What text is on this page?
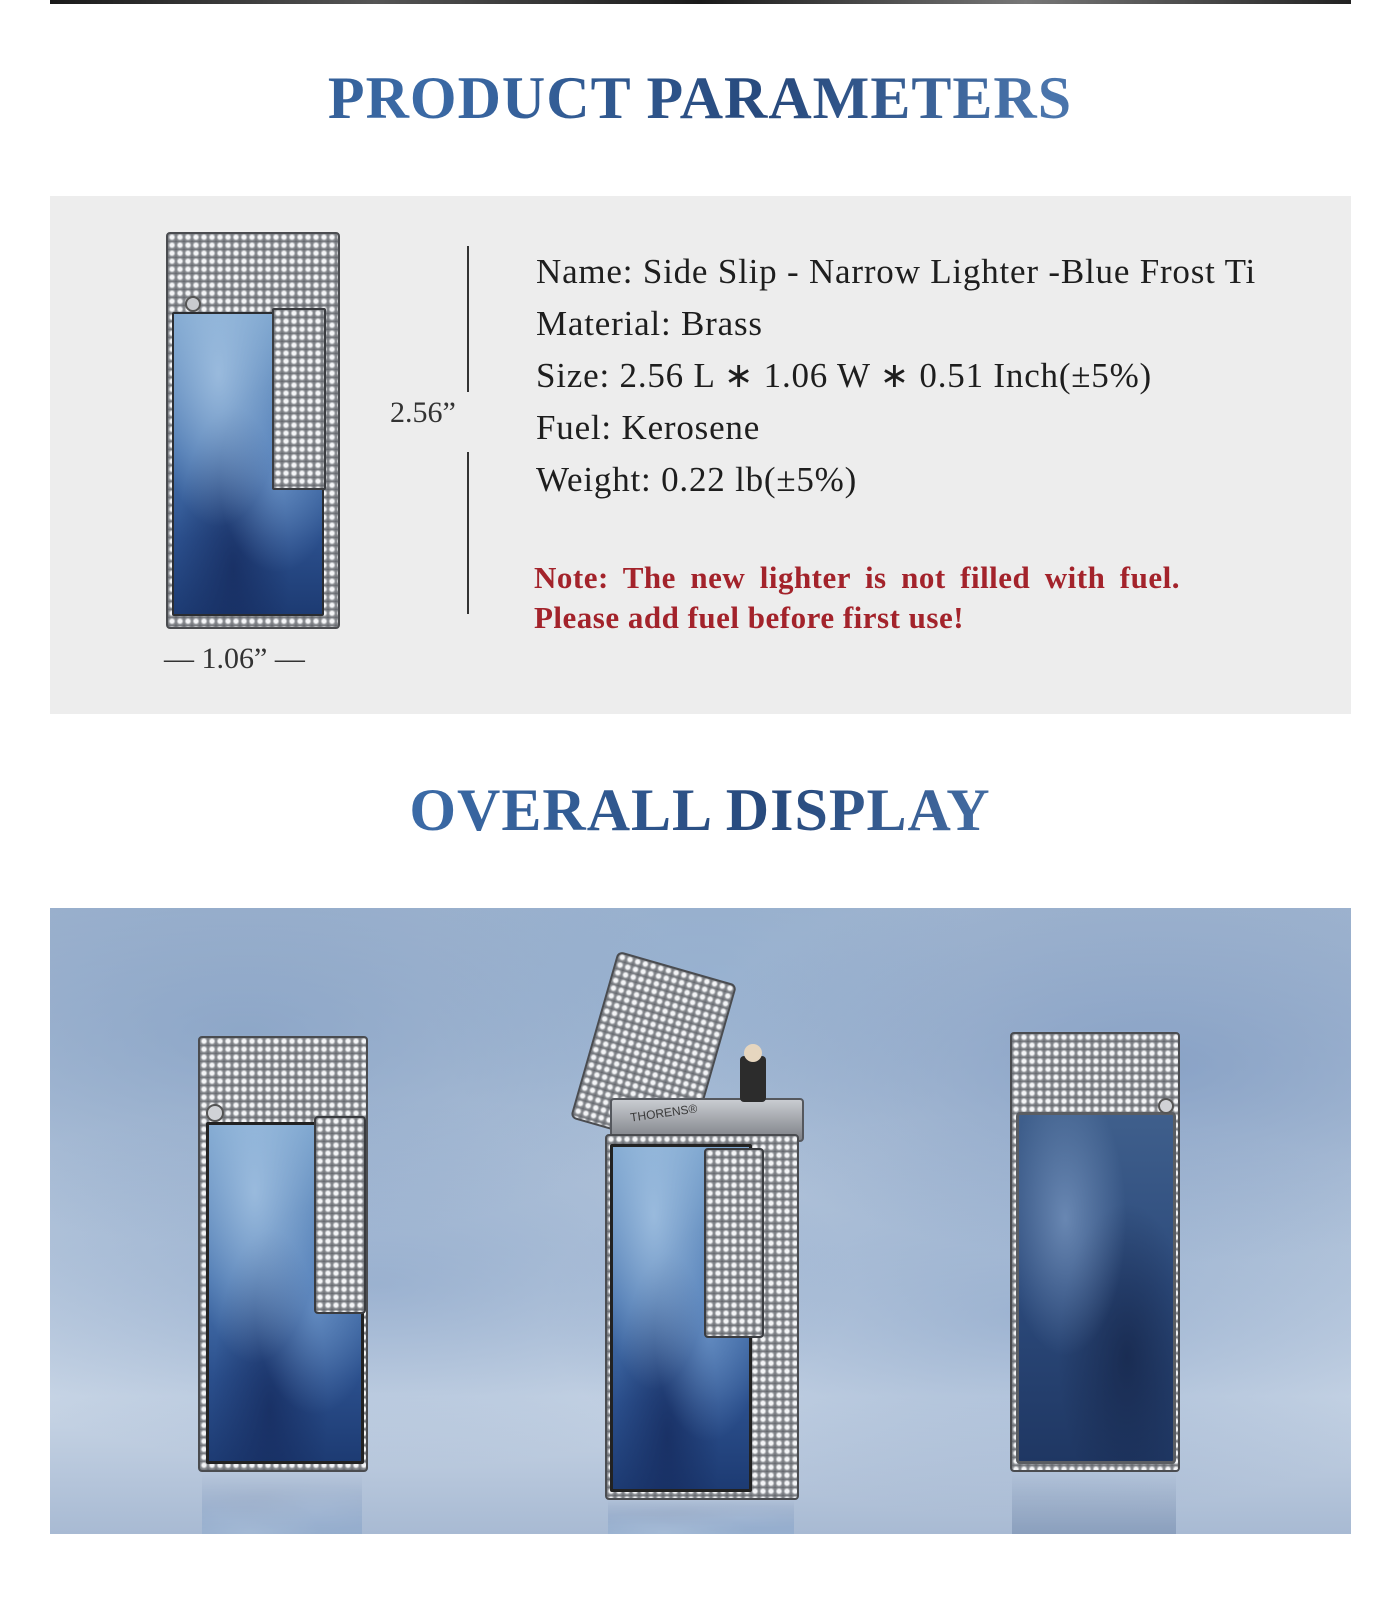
PRODUCT PARAMETERS
2.56”
— 1.06” —
Name: Side Slip - Narrow Lighter -Blue Frost Ti
Material: Brass
Size: 2.56 L ∗ 1.06 W ∗ 0.51 Inch(±5%)
Fuel: Kerosene
Weight: 0.22 lb(±5%)
Note: The new lighter is not filled with fuel. Please add fuel before first use!
OVERALL DISPLAY
THORENS®
